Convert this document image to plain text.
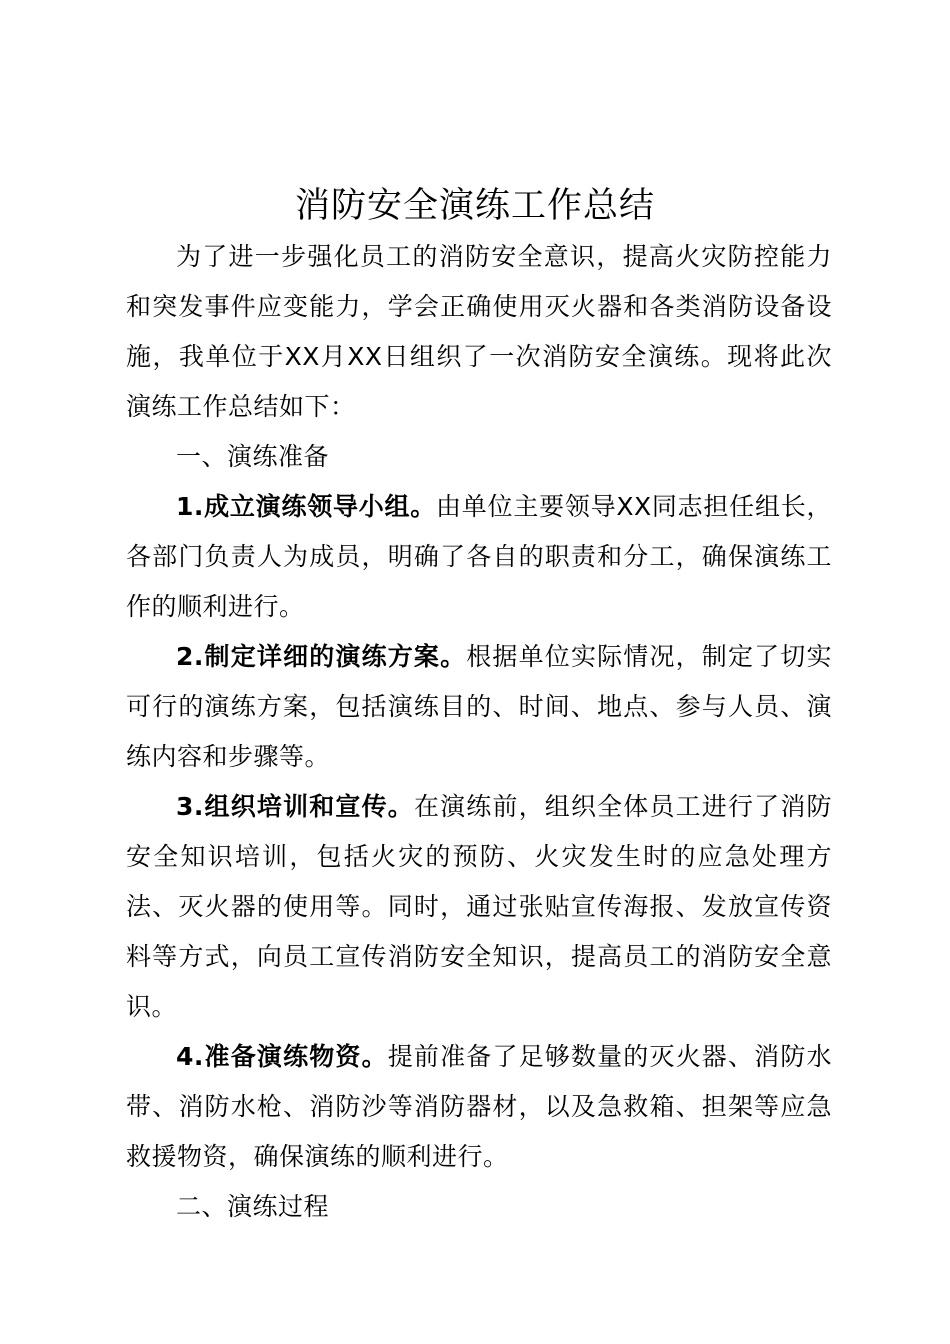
消防安全演练工作总结

为了进一步强化员工的消防安全意识，提高火灾防控能力和突发事件应变能力，学会正确使用灭火器和各类消防设备设施，我单位于XX月XX日组织了一次消防安全演练。现将此次演练工作总结如下：

一、演练准备

1.成立演练领导小组。由单位主要领导XX同志担任组长，各部门负责人为成员，明确了各自的职责和分工，确保演练工作的顺利进行。

2.制定详细的演练方案。根据单位实际情况，制定了切实可行的演练方案，包括演练目的、时间、地点、参与人员、演练内容和步骤等。

3.组织培训和宣传。在演练前，组织全体员工进行了消防安全知识培训，包括火灾的预防、火灾发生时的应急处理方法、灭火器的使用等。同时，通过张贴宣传海报、发放宣传资料等方式，向员工宣传消防安全知识，提高员工的消防安全意识。

4.准备演练物资。提前准备了足够数量的灭火器、消防水带、消防水枪、消防沙等消防器材，以及急救箱、担架等应急救援物资，确保演练的顺利进行。

二、演练过程
